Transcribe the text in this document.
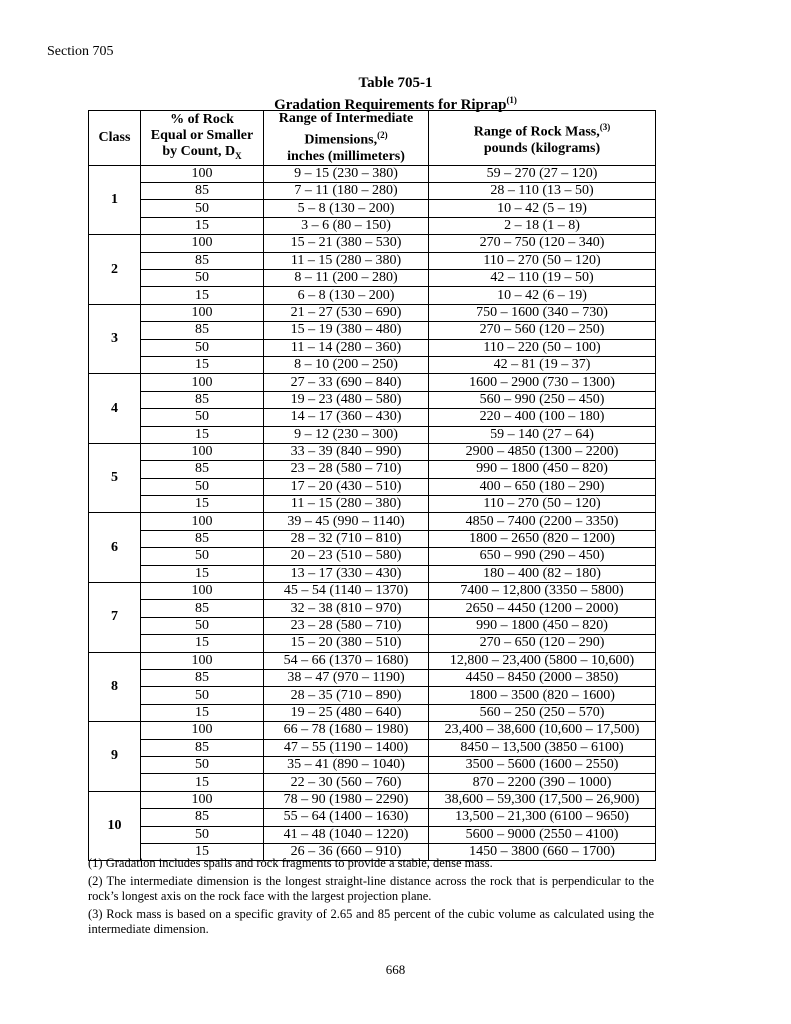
Section 705
Table 705-1
Gradation Requirements for Riprap$^{(1)}$
Class	% of Rock
Equal or Smaller
by Count, $D_X$	Range of Intermediate
Dimensions,$^{(2)}$
inches (millimeters)	Range of Rock Mass,$^{(3)}$
pounds (kilograms)
1	100	9 – 15 (230 – 380)	59 – 270 (27 – 120)
	85	7 – 11 (180 – 280)	28 – 110 (13 – 50)
	50	5 – 8 (130 – 200)	10 – 42 (5 – 19)
	15	3 – 6 (80 – 150)	2 – 18 (1 – 8)
2	100	15 – 21 (380 – 530)	270 – 750 (120 – 340)
	85	11 – 15 (280 – 380)	110 – 270 (50 – 120)
	50	8 – 11 (200 – 280)	42 – 110 (19 – 50)
	15	6 – 8 (130 – 200)	10 – 42 (6 – 19)
3	100	21 – 27 (530 – 690)	750 – 1600 (340 – 730)
	85	15 – 19 (380 – 480)	270 – 560 (120 – 250)
	50	11 – 14 (280 – 360)	110 – 220 (50 – 100)
	15	8 – 10 (200 – 250)	42 – 81 (19 – 37)
4	100	27 – 33 (690 – 840)	1600 – 2900 (730 – 1300)
	85	19 – 23 (480 – 580)	560 – 990 (250 – 450)
	50	14 – 17 (360 – 430)	220 – 400 (100 – 180)
	15	9 – 12 (230 – 300)	59 – 140 (27 – 64)
5	100	33 – 39 (840 – 990)	2900 – 4850 (1300 – 2200)
	85	23 – 28 (580 – 710)	990 – 1800 (450 – 820)
	50	17 – 20 (430 – 510)	400 – 650 (180 – 290)
	15	11 – 15 (280 – 380)	110 – 270 (50 – 120)
6	100	39 – 45 (990 – 1140)	4850 – 7400 (2200 – 3350)
	85	28 – 32 (710 – 810)	1800 – 2650 (820 – 1200)
	50	20 – 23 (510 – 580)	650 – 990 (290 – 450)
	15	13 – 17 (330 – 430)	180 – 400 (82 – 180)
7	100	45 – 54 (1140 – 1370)	7400 – 12,800 (3350 – 5800)
	85	32 – 38 (810 – 970)	2650 – 4450 (1200 – 2000)
	50	23 – 28 (580 – 710)	990 – 1800 (450 – 820)
	15	15 – 20 (380 – 510)	270 – 650 (120 – 290)
8	100	54 – 66 (1370 – 1680)	12,800 – 23,400 (5800 – 10,600)
	85	38 – 47 (970 – 1190)	4450 – 8450 (2000 – 3850)
	50	28 – 35 (710 – 890)	1800 – 3500 (820 – 1600)
	15	19 – 25 (480 – 640)	560 – 250 (250 – 570)
9	100	66 – 78 (1680 – 1980)	23,400 – 38,600 (10,600 – 17,500)
	85	47 – 55 (1190 – 1400)	8450 – 13,500 (3850 – 6100)
	50	35 – 41 (890 – 1040)	3500 – 5600 (1600 – 2550)
	15	22 – 30 (560 – 760)	870 – 2200 (390 – 1000)
10	100	78 – 90 (1980 – 2290)	38,600 – 59,300 (17,500 – 26,900)
	85	55 – 64 (1400 – 1630)	13,500 – 21,300 (6100 – 9650)
	50	41 – 48 (1040 – 1220)	5600 – 9000 (2550 – 4100)
	15	26 – 36 (660 – 910)	1450 – 3800 (660 – 1700)

(1) Gradation includes spalls and rock fragments to provide a stable, dense mass.

(2) The intermediate dimension is the longest straight-line distance across the rock that is perpendicular to the rock’s longest axis on the rock face with the largest projection plane.

(3) Rock mass is based on a specific gravity of 2.65 and 85 percent of the cubic volume as calculated using the intermediate dimension.

668
